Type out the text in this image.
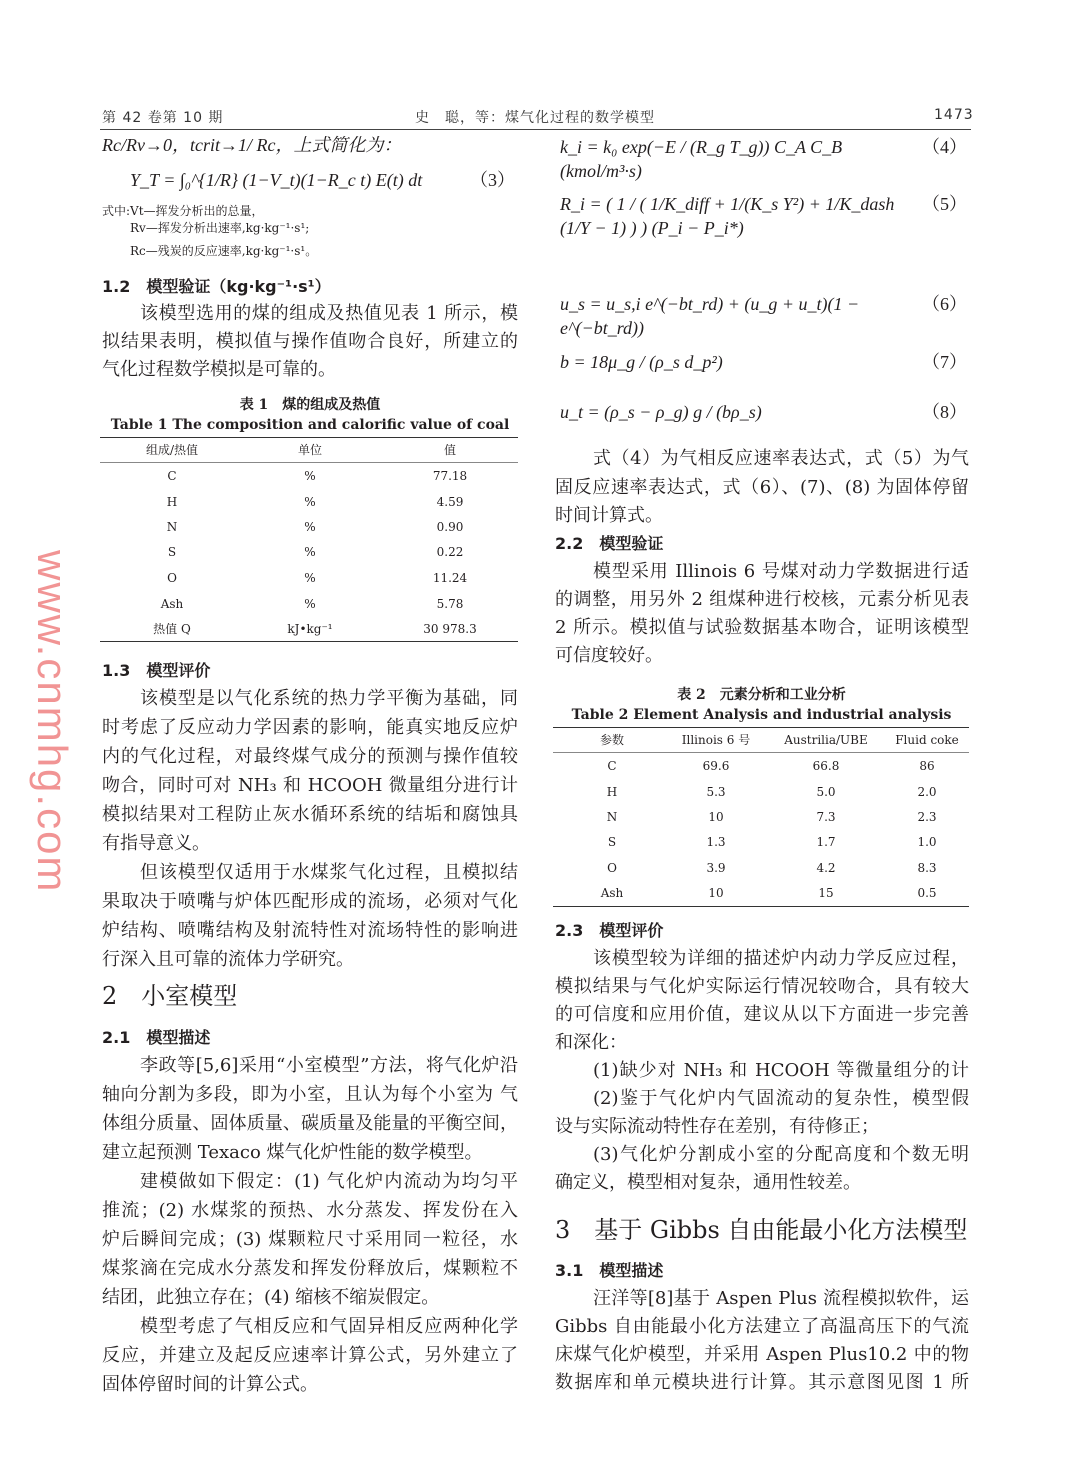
第 42 卷第 10 期	史　聪，等：煤气化过程的数学模型	1473
Rc/Rv→0，tcrit→1/ Rc，上式简化为：
Y_T = ∫₀^{1/R} (1−V_t)(1−R_c t) E(t) dt	（3）
式中:Vt—挥发分析出的总量，
Rv—挥发分析出速率,kg·kg⁻¹·s¹;
Rc—残炭的反应速率,kg·kg⁻¹·s¹。
1.2　模型验证（kg·kg⁻¹·s¹）
该模型选用的煤的组成及热值见表 1 所示，模
拟结果表明，模拟值与操作值吻合良好，所建立的
气化过程数学模拟是可靠的。
表 1　煤的组成及热值
Table 1 The composition and calorific value of coal
组成/热值	单位	值
C	%	77.18
H	%	4.59
N	%	0.90
S	%	0.22
O	%	11.24
Ash	%	5.78
热值 Q	kJ•kg⁻¹	30 978.3
1.3　模型评价
该模型是以气化系统的热力学平衡为基础，同
时考虑了反应动力学因素的影响，能真实地反应炉
内的气化过程，对最终煤气成分的预测与操作值较
吻合，同时可对 NH₃ 和 HCOOH 微量组分进行计
模拟结果对工程防止灰水循环系统的结垢和腐蚀具
有指导意义。
但该模型仅适用于水煤浆气化过程，且模拟结
果取决于喷嘴与炉体匹配形成的流场，必须对气化
炉结构、喷嘴结构及射流特性对流场特性的影响进
行深入且可靠的流体力学研究。
2　小室模型
2.1　模型描述
李政等[5,6]采用“小室模型”方法，将气化炉沿
轴向分割为多段，即为小室，且认为每个小室为 气
体组分质量、固体质量、碳质量及能量的平衡空间，
建立起预测 Texaco 煤气化炉性能的数学模型。
建模做如下假定：(1) 气化炉内流动为均匀平
推流；(2) 水煤浆的预热、水分蒸发、挥发份在入
炉后瞬间完成；(3) 煤颗粒尺寸采用同一粒径，水
煤浆滴在完成水分蒸发和挥发份释放后，煤颗粒不
结团，此独立存在；(4) 缩核不缩炭假定。
模型考虑了气相反应和气固异相反应两种化学
反应，并建立及起反应速率计算公式，另外建立了
固体停留时间的计算公式。
k_i = k₀ exp(−E / (R_g T_g)) C_A C_B (kmol/m³·s)
（4）
R_i = ( 1 / ( 1/K_diff + 1/(K_s Y²) + 1/K_dash (1/Y − 1) ) ) (P_i − P_i*)
（5）
u_s = u_s,i e^(−bt_rd) + (u_g + u_t)(1 − e^(−bt_rd))
（6）
b = 18μ_g / (ρ_s d_p²)	（7）
u_t = (ρ_s − ρ_g) g / (bρ_s)	（8）
式（4）为气相反应速率表达式，式（5）为气
固反应速率表达式，式（6）、(7)、(8) 为固体停留
时间计算式。
2.2　模型验证
模型采用 Illinois 6 号煤对动力学数据进行适
的调整，用另外 2 组煤种进行校核，元素分析见表
2 所示。模拟值与试验数据基本吻合，证明该模型
可信度较好。
表 2　元素分析和工业分析
Table 2 Element Analysis and industrial analysis
参数	Illinois 6 号	Austrilia/UBE	Fluid coke
C	69.6	66.8	86
H	5.3	5.0	2.0
N	10	7.3	2.3
S	1.3	1.7	1.0
O	3.9	4.2	8.3
Ash	10	15	0.5
2.3　模型评价
该模型较为详细的描述炉内动力学反应过程，
模拟结果与气化炉实际运行情况较吻合，具有较大
的可信度和应用价值，建议从以下方面进一步完善
和深化：
(1)缺少对 NH₃ 和 HCOOH 等微量组分的计
(2)鉴于气化炉内气固流动的复杂性，模型假
设与实际流动特性存在差别，有待修正；
(3)气化炉分割成小室的分配高度和个数无明
确定义，模型相对复杂，通用性较差。
3　基于 Gibbs 自由能最小化方法模型
3.1　模型描述
汪洋等[8]基于 Aspen Plus 流程模拟软件，运
Gibbs 自由能最小化方法建立了高温高压下的气流
床煤气化炉模型，并采用 Aspen Plus10.2 中的物
数据库和单元模块进行计算。其示意图见图 1 所
www.cnmhg.com
